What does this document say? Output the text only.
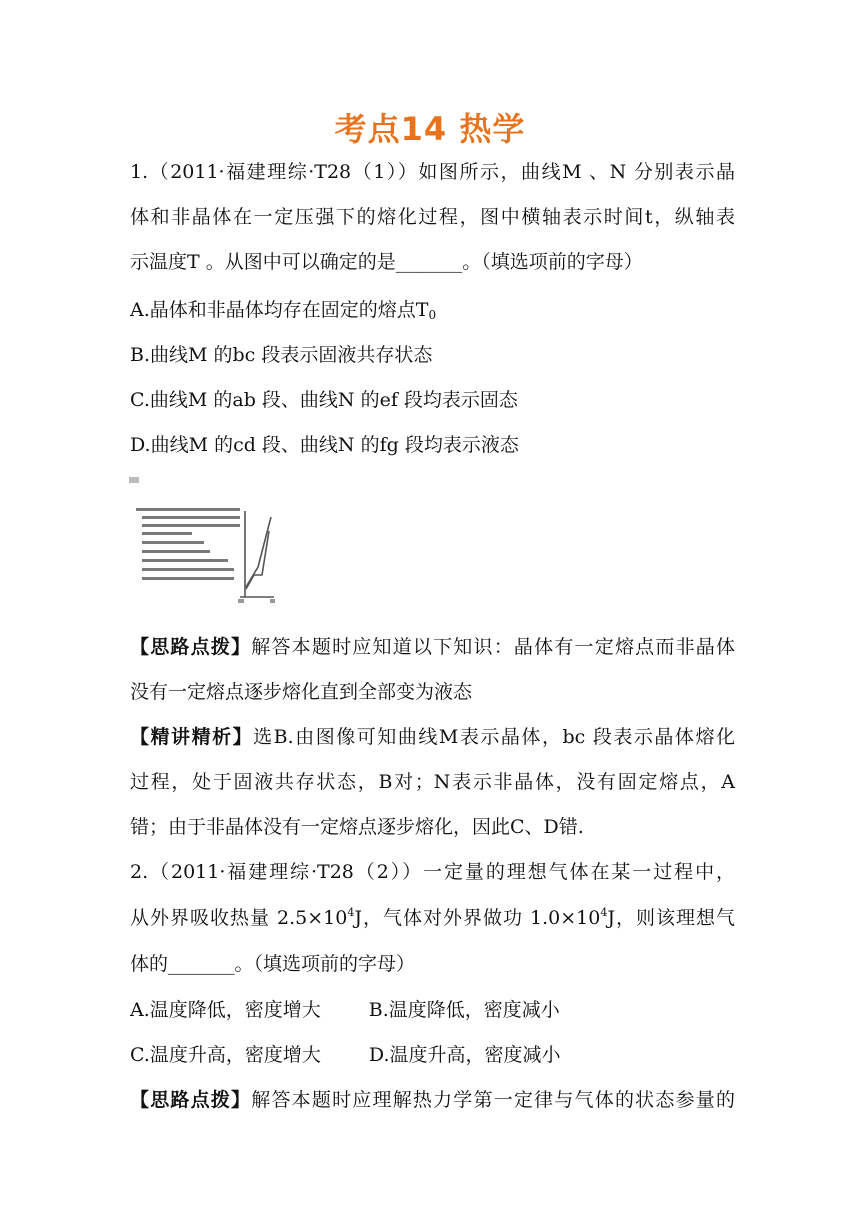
考点14 热学
1.（2011·福建理综·T28（1））如图所示，曲线M 、N 分别表示晶
体和非晶体在一定压强下的熔化过程，图中横轴表示时间t，纵轴表
示温度T 。从图中可以确定的是_______。（填选项前的字母）
A.晶体和非晶体均存在固定的熔点$T_0$
B.曲线M 的bc 段表示固液共存状态
C.曲线M 的ab 段、曲线N 的ef 段均表示固态
D.曲线M 的cd 段、曲线N 的fg 段均表示液态
【思路点拨】解答本题时应知道以下知识：晶体有一定熔点而非晶体
没有一定熔点逐步熔化直到全部变为液态
【精讲精析】选B.由图像可知曲线M表示晶体，bc 段表示晶体熔化
过程，处于固液共存状态，B对；N表示非晶体，没有固定熔点，A
错；由于非晶体没有一定熔点逐步熔化，因此C、D错.
2.（2011·福建理综·T28（2））一定量的理想气体在某一过程中，
从外界吸收热量 $2.5\times 10^4J$，气体对外界做功 $1.0\times 10^4J$，则该理想气
体的_______。（填选项前的字母）
A.温度降低，密度增大	B.温度降低，密度减小
C.温度升高，密度增大	D.温度升高，密度减小
【思路点拨】解答本题时应理解热力学第一定律与气体的状态参量的
